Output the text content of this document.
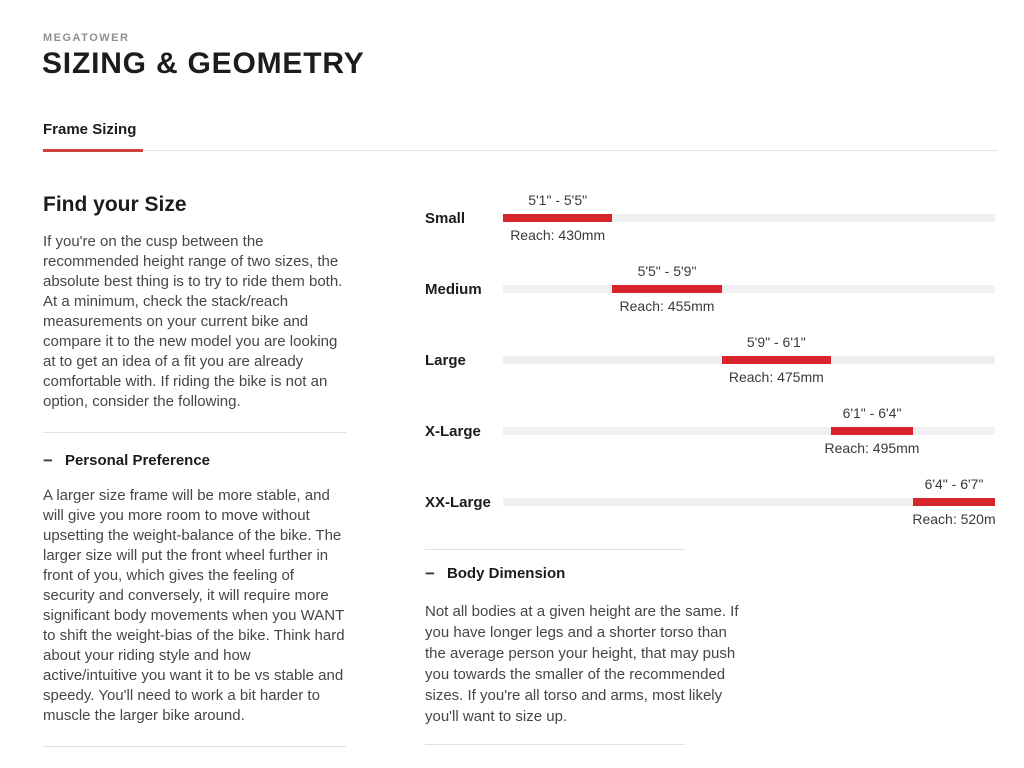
MEGATOWER
SIZING & GEOMETRY
Frame Sizing
Find your Size

If you're on the cusp between the recommended height range of two sizes, the absolute best thing is to try to ride them both. At a minimum, check the stack/reach measurements on your current bike and compare it to the new model you are looking at to get an idea of a fit you are already comfortable with. If riding the bike is not an option, consider the following.

− Personal Preference

A larger size frame will be more stable, and will give you more room to move without upsetting the weight-balance of the bike. The larger size will put the front wheel further in front of you, which gives the feeling of security and conversely, it will require more significant body movements when you WANT to shift the weight-bias of the bike. Think hard about your riding style and how active/intuitive you want it to be vs stable and speedy. You'll need to work a bit harder to muscle the larger bike around.

Small
5'1" - 5'5"
Reach: 430mm
Medium
5'5" - 5'9"
Reach: 455mm
Large
5'9" - 6'1"
Reach: 475mm
X-Large
6'1" - 6'4"
Reach: 495mm
XX-Large
6'4" - 6'7"
Reach: 520m
− Body Dimension

Not all bodies at a given height are the same. If you have longer legs and a shorter torso than the average person your height, that may push you towards the smaller of the recommended sizes. If you're all torso and arms, most likely you'll want to size up.
